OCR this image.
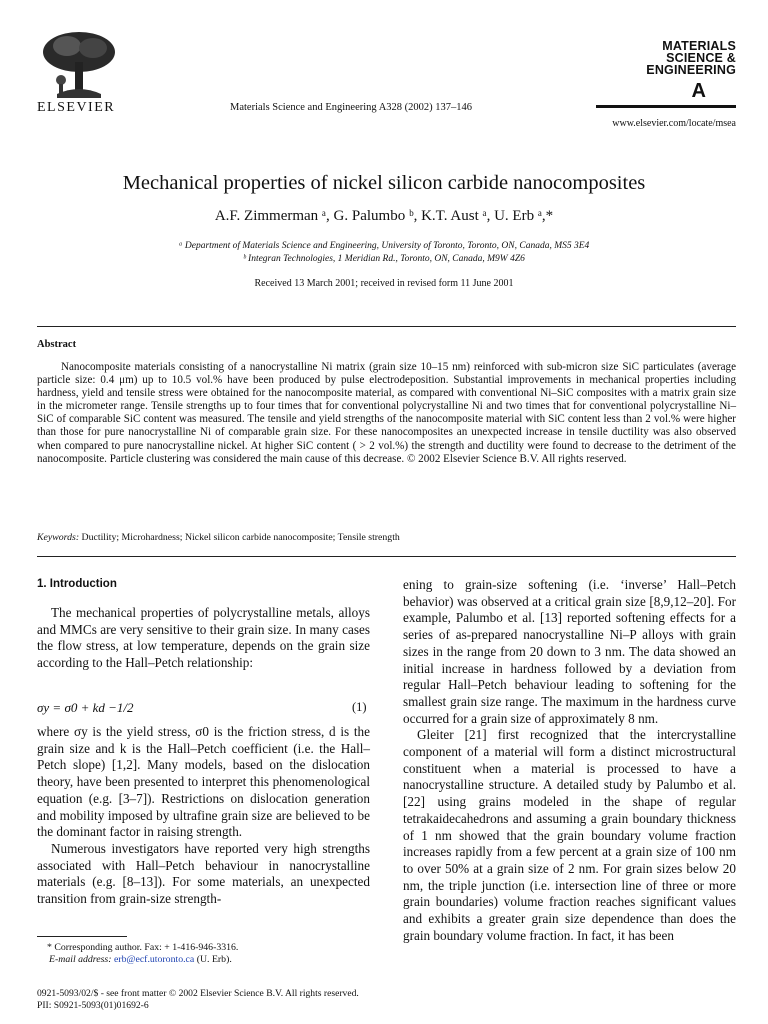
ELSEVIER	Materials Science and Engineering A328 (2002) 137–146
MATERIALS
SCIENCE &
ENGINEERING
A
www.elsevier.com/locate/msea
Mechanical properties of nickel silicon carbide nanocomposites
A.F. Zimmerman ᵃ, G. Palumbo ᵇ, K.T. Aust ᵃ, U. Erb ᵃ,*
ᵃ Department of Materials Science and Engineering, University of Toronto, Toronto, ON, Canada, MS5 3E4
ᵇ Integran Technologies, 1 Meridian Rd., Toronto, ON, Canada, M9W 4Z6
Received 13 March 2001; received in revised form 11 June 2001
Abstract
Nanocomposite materials consisting of a nanocrystalline Ni matrix (grain size 10–15 nm) reinforced with sub-micron size SiC particulates (average particle size: 0.4 μm) up to 10.5 vol.% have been produced by pulse electrodeposition. Substantial improvements in mechanical properties including hardness, yield and tensile stress were obtained for the nanocomposite material, as compared with conventional Ni–SiC composites with a matrix grain size in the micrometer range. Tensile strengths up to four times that for conventional polycrystalline Ni and two times that for conventional polycrystalline Ni–SiC of comparable SiC content was measured. The tensile and yield strengths of the nanocomposite material with SiC content less than 2 vol.% were higher than those for pure nanocrystalline Ni of comparable grain size. For these nanocomposites an unexpected increase in tensile ductility was also observed when compared to pure nanocrystalline nickel. At higher SiC content ( > 2 vol.%) the strength and ductility were found to decrease to the detriment of the nanocomposite. Particle clustering was considered the main cause of this decrease. © 2002 Elsevier Science B.V. All rights reserved.
Keywords: Ductility; Microhardness; Nickel silicon carbide nanocomposite; Tensile strength
1. Introduction

The mechanical properties of polycrystalline metals, alloys and MMCs are very sensitive to their grain size. In many cases the flow stress, at low temperature, depends on the grain size according to the Hall–Petch relationship:

σy = σ0 + kd −1/2	(1)

where σy is the yield stress, σ0 is the friction stress, d is the grain size and k is the Hall–Petch coefficient (i.e. the Hall–Petch slope) [1,2]. Many models, based on the dislocation theory, have been presented to interpret this phenomenological equation (e.g. [3–7]). Restrictions on dislocation generation and mobility imposed by ultrafine grain size are believed to be the dominant factor in raising strength.

Numerous investigators have reported very high strengths associated with Hall–Petch behaviour in nanocrystalline materials (e.g. [8–13]). For some materials, an unexpected transition from grain-size strength-

* Corresponding author. Fax: + 1-416-946-3316.
E-mail address: erb@ecf.utoronto.ca (U. Erb).

ening to grain-size softening (i.e. ‘inverse’ Hall–Petch behavior) was observed at a critical grain size [8,9,12–20]. For example, Palumbo et al. [13] reported softening effects for a series of as-prepared nanocrystalline Ni–P alloys with grain sizes in the range from 20 down to 3 nm. The data showed an initial increase in hardness followed by a deviation from regular Hall–Petch behaviour leading to softening for the smallest grain size range. The maximum in the hardness curve occurred for a grain size of approximately 8 nm.

Gleiter [21] first recognized that the intercrystalline component of a material will form a distinct microstructural constituent when a material is processed to have a nanocrystalline structure. A detailed study by Palumbo et al. [22] using grains modeled in the shape of regular tetrakaidecahedrons and assuming a grain boundary thickness of 1 nm showed that the grain boundary volume fraction increases rapidly from a few percent at a grain size of 100 nm to over 50% at a grain size of 2 nm. For grain sizes below 20 nm, the triple junction (i.e. intersection line of three or more grain boundaries) volume fraction reaches significant values and exhibits a greater grain size dependence than does the grain boundary volume fraction. In fact, it has been

0921-5093/02/$ - see front matter © 2002 Elsevier Science B.V. All rights reserved.
PII: S0921-5093(01)01692-6
